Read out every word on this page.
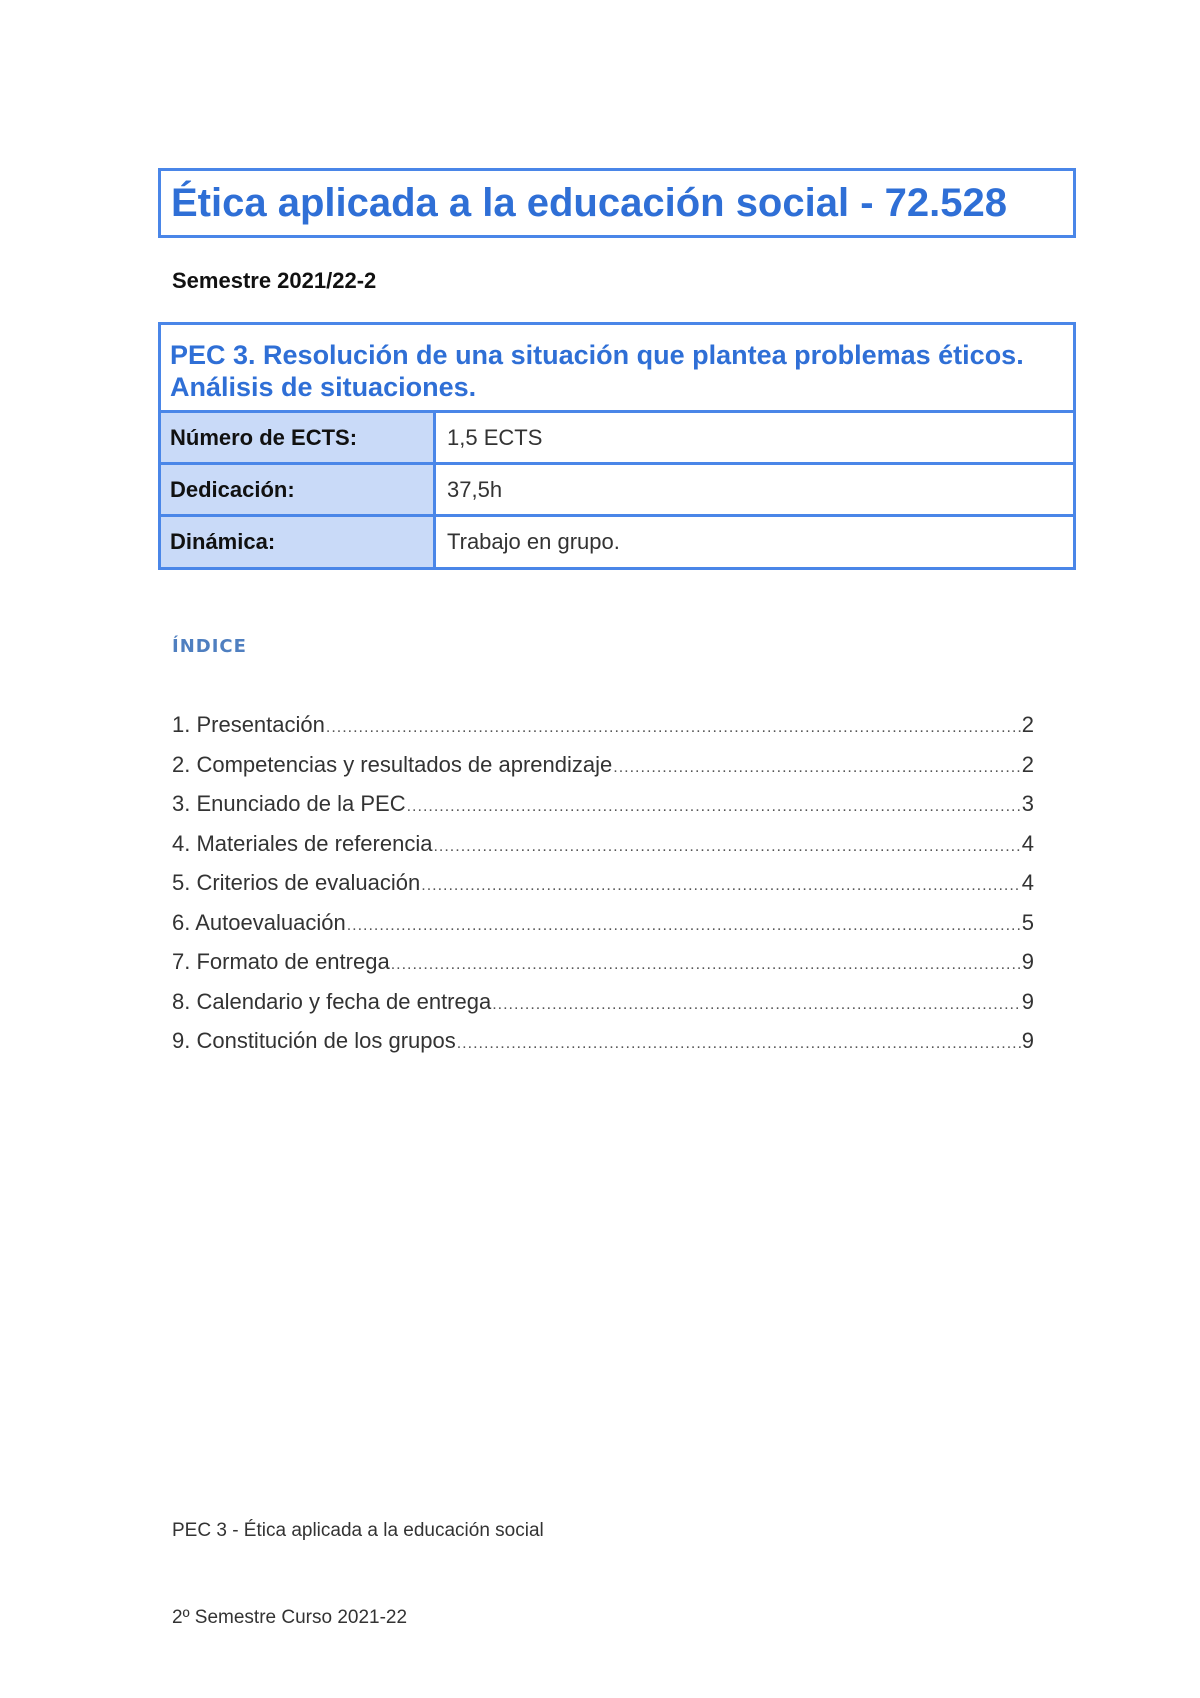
Ética aplicada a la educación social - 72.528
Semestre 2021/22-2
PEC 3. Resolución de una situación que plantea problemas éticos. Análisis de situaciones.
Número de ECTS:	1,5 ECTS
Dedicación:	37,5h
Dinámica:	Trabajo en grupo.
ÍNDICE
1. Presentación .....	2
2. Competencias y resultados de aprendizaje .....	2
3. Enunciado de la PEC .....	3
4. Materiales de referencia .....	4
5. Criterios de evaluación .....	4
6. Autoevaluación .....	5
7. Formato de entrega .....	9
8. Calendario y fecha de entrega .....	9
9. Constitución de los grupos .....	9
PEC 3 - Ética aplicada a la educación social
2º Semestre Curso 2021-22
